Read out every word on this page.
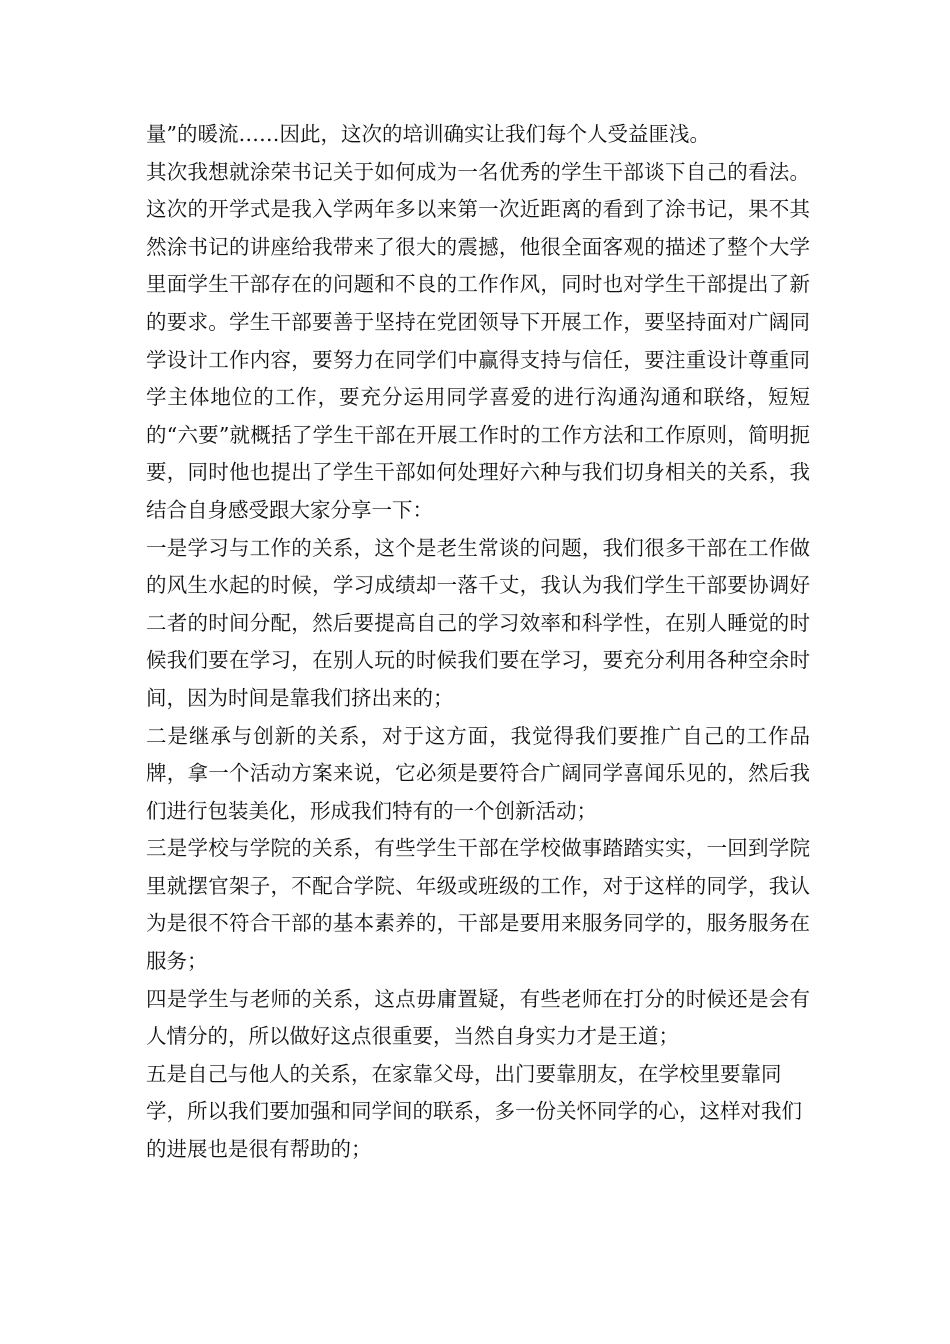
量”的暖流……因此，这次的培训确实让我们每个人受益匪浅。

其次我想就涂荣书记关于如何成为一名优秀的学生干部谈下自己的看法。这次的开学式是我入学两年多以来第一次近距离的看到了涂书记，果不其然涂书记的讲座给我带来了很大的震撼，他很全面客观的描述了整个大学里面学生干部存在的问题和不良的工作作风，同时也对学生干部提出了新的要求。学生干部要善于坚持在党团领导下开展工作，要坚持面对广阔同学设计工作内容，要努力在同学们中赢得支持与信任，要注重设计尊重同学主体地位的工作，要充分运用同学喜爱的进行沟通沟通和联络，短短的“六要”就概括了学生干部在开展工作时的工作方法和工作原则，简明扼要，同时他也提出了学生干部如何处理好六种与我们切身相关的关系，我结合自身感受跟大家分享一下：

一是学习与工作的关系，这个是老生常谈的问题，我们很多干部在工作做的风生水起的时候，学习成绩却一落千丈，我认为我们学生干部要协调好二者的时间分配，然后要提高自己的学习效率和科学性，在别人睡觉的时候我们要在学习，在别人玩的时候我们要在学习，要充分利用各种空余时间，因为时间是靠我们挤出来的；

二是继承与创新的关系，对于这方面，我觉得我们要推广自己的工作品牌，拿一个活动方案来说，它必须是要符合广阔同学喜闻乐见的，然后我们进行包装美化，形成我们特有的一个创新活动；

三是学校与学院的关系，有些学生干部在学校做事踏踏实实，一回到学院里就摆官架子，不配合学院、年级或班级的工作，对于这样的同学，我认为是很不符合干部的基本素养的，干部是要用来服务同学的，服务服务在服务；

四是学生与老师的关系，这点毋庸置疑，有些老师在打分的时候还是会有人情分的，所以做好这点很重要，当然自身实力才是王道；

五是自己与他人的关系，在家靠父母，出门要靠朋友，在学校里要靠同学，所以我们要加强和同学间的联系，多一份关怀同学的心，这样对我们的进展也是很有帮助的；
